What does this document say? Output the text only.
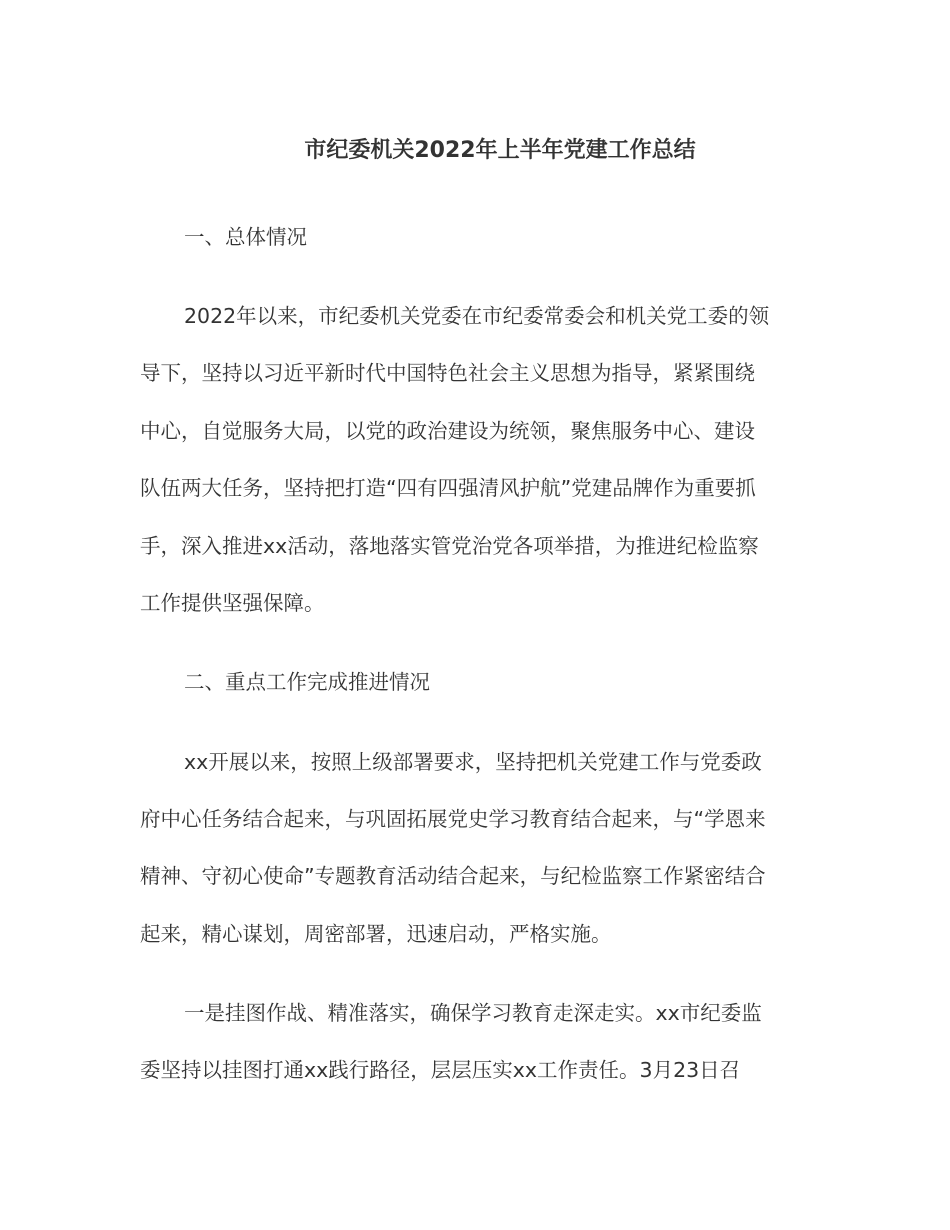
市纪委机关2022年上半年党建工作总结

一、总体情况

2022年以来，市纪委机关党委在市纪委常委会和机关党工委的领

导下，坚持以习近平新时代中国特色社会主义思想为指导，紧紧围绕

中心，自觉服务大局，以党的政治建设为统领，聚焦服务中心、建设

队伍两大任务，坚持把打造“四有四强清风护航”党建品牌作为重要抓

手，深入推进xx活动，落地落实管党治党各项举措，为推进纪检监察

工作提供坚强保障。

二、重点工作完成推进情况

xx开展以来，按照上级部署要求，坚持把机关党建工作与党委政

府中心任务结合起来，与巩固拓展党史学习教育结合起来，与“学恩来

精神、守初心使命”专题教育活动结合起来，与纪检监察工作紧密结合

起来，精心谋划，周密部署，迅速启动，严格实施。

一是挂图作战、精准落实，确保学习教育走深走实。xx市纪委监

委坚持以挂图打通xx践行路径，层层压实xx工作责任。3月23日召
